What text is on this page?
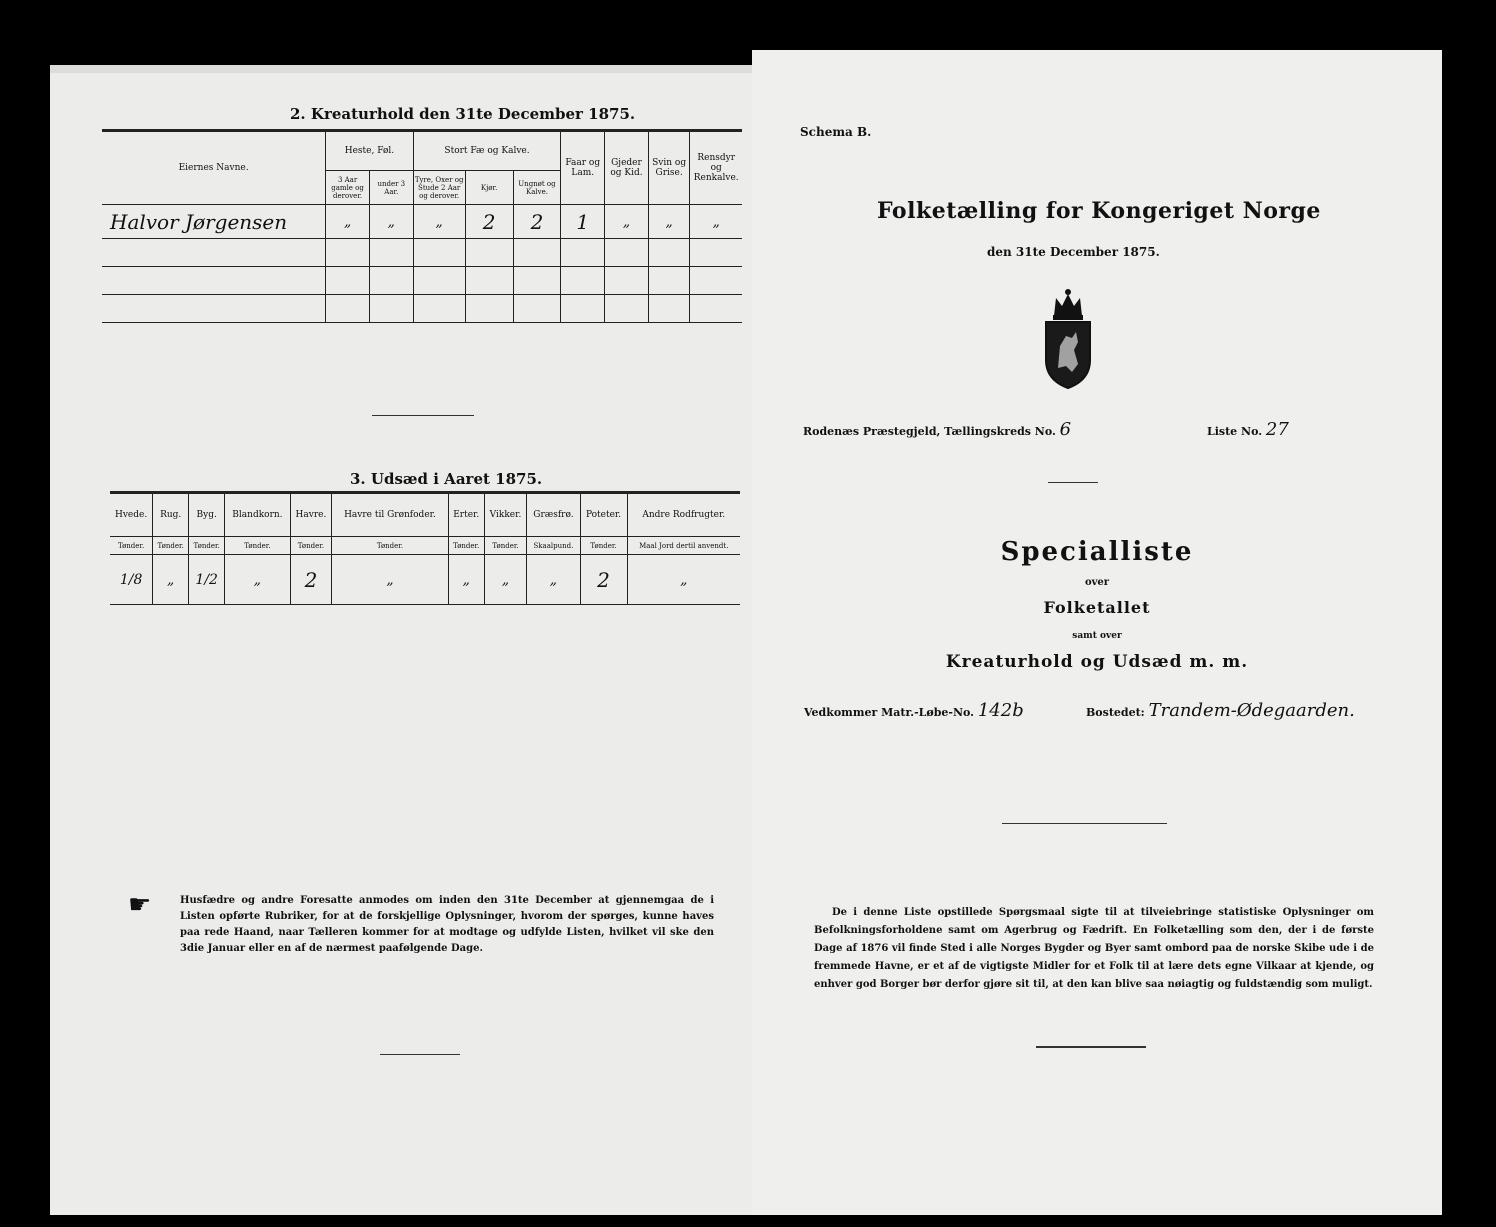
2. Kreaturhold den 31te December 1875.
Eiernes Navne.	Heste, Føl.		Stort Fæ og Kalve.			Faar og Lam.	Gjeder og Kid.	Svin og Grise.	Rensdyr og Renkalve.
	3 Aar gamle og derover.	under 3 Aar.	Tyre, Oxer og Stude 2 Aar og derover.	Kjør.	Ungnøt og Kalve.				
Halvor Jørgensen	„	„	„	2	2	1	„	„	„

3. Udsæd i Aaret 1875.
Hvede.	Rug.	Byg.	Blandkorn.	Havre.	Havre til Grønfoder.	Erter.	Vikker.	Græsfrø.	Poteter.	Andre Rodfrugter.
Tønder.	Tønder.	Tønder.	Tønder.	Tønder.	Tønder.	Tønder.	Tønder.	Skaalpund.	Tønder.	Maal Jord dertil anvendt.
1/8	„	1/2	„	2	„	„	„	„	2	„
☛	Husfædre og andre Foresatte anmodes om inden den 31te December at gjennemgaa de i Listen opførte Rubriker, for at de forskjellige Oplysninger, hvorom der spørges, kunne haves paa rede Haand, naar Tælleren kommer for at modtage og udfylde Listen, hvilket vil ske den 3die Januar eller en af de nærmest paafølgende Dage.
Schema B.
Folketælling for Kongeriget Norge
den 31te December 1875.
Rodenæs Præstegjeld, Tællingskreds No. 6	Liste No. 27
Specialliste
over
Folketallet
samt over
Kreaturhold og Udsæd m. m.
Vedkommer Matr.-Løbe-No. 142b	Bostedet: Trandem-Ødegaarden.
De i denne Liste opstillede Spørgsmaal sigte til at tilveiebringe statistiske Oplysninger om Befolkningsforholdene samt om Agerbrug og Fædrift. En Folketælling som den, der i de første Dage af 1876 vil finde Sted i alle Norges Bygder og Byer samt ombord paa de norske Skibe ude i de fremmede Havne, er et af de vigtigste Midler for et Folk til at lære dets egne Vilkaar at kjende, og enhver god Borger bør derfor gjøre sit til, at den kan blive saa nøiagtig og fuldstændig som muligt.
